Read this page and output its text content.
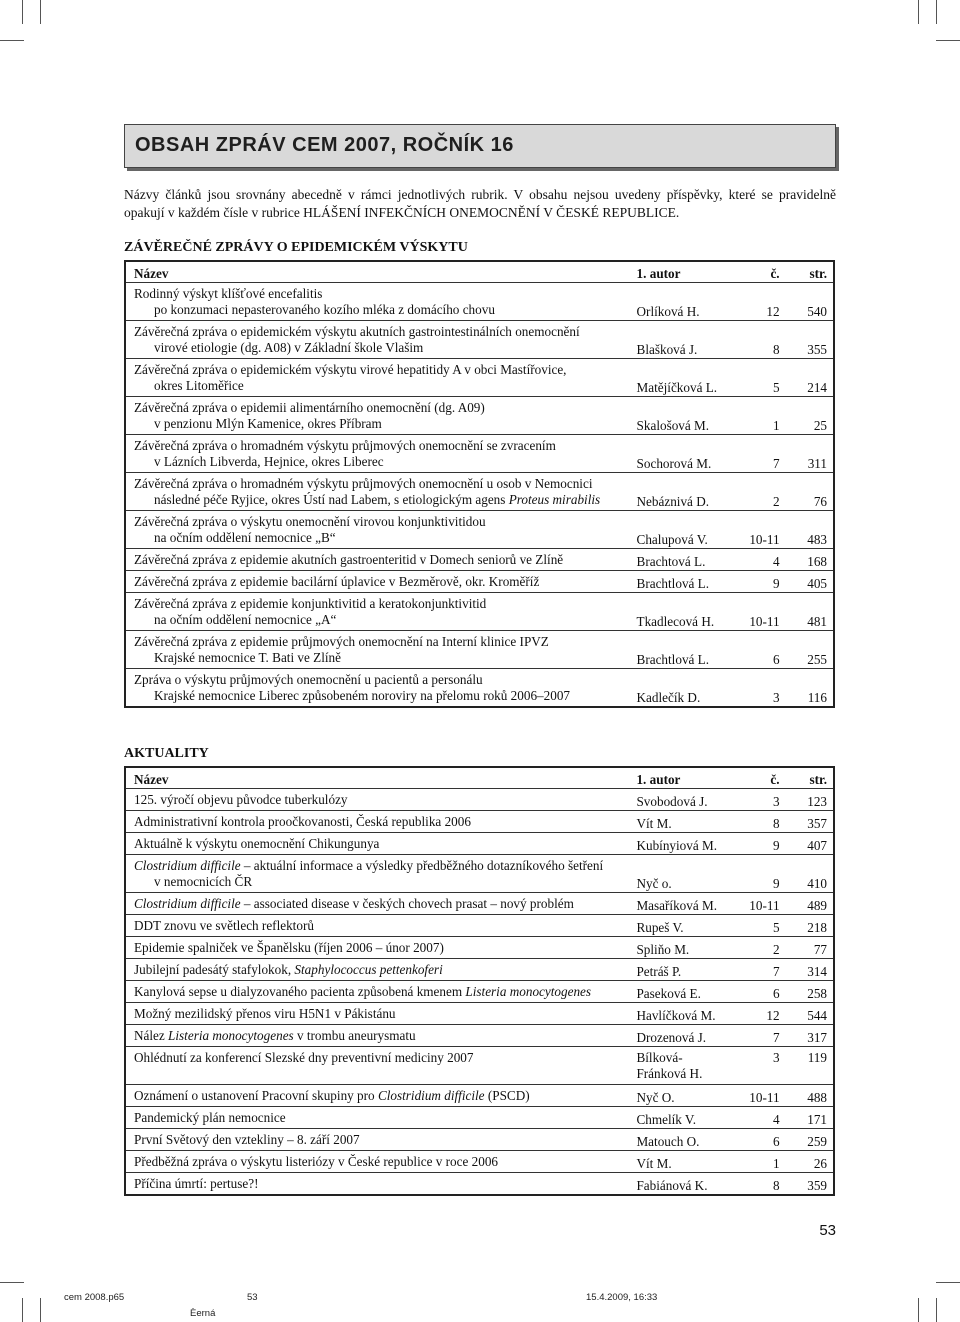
OBSAH ZPRÁV CEM 2007, ROČNÍK 16
Názvy článků jsou srovnány abecedně v rámci jednotlivých rubrik. V obsahu nejsou uvedeny příspěvky, které se pravidelně opakují v každém čísle v rubrice HLÁŠENÍ INFEKČNÍCH ONEMOCNĚNÍ V ČESKÉ REPUBLICE.
ZÁVĚREČNÉ ZPRÁVY O EPIDEMICKÉM VÝSKYTU
Název	1. autor	č.	str.

Rodinný výskyt klíšťové encefalitis
po konzumaci nepasterovaného kozího mléka z domácího chovu	Orlíková H.	12	540

Závěrečná zpráva o epidemickém výskytu akutních gastrointestinálních onemocnění
virové etiologie (dg. A08) v Základní škole Vlašim	Blašková J.	8	355

Závěrečná zpráva o epidemickém výskytu virové hepatitidy A v obci Mastířovice,
okres Litoměřice	Matějíčková L.	5	214

Závěrečná zpráva o epidemii alimentárního onemocnění (dg. A09)
v penzionu Mlýn Kamenice, okres Příbram	Skalošová M.	1	25

Závěrečná zpráva o hromadném výskytu průjmových onemocnění se zvracením
v Lázních Libverda, Hejnice, okres Liberec	Sochorová M.	7	311

Závěrečná zpráva o hromadném výskytu průjmových onemocnění u osob v Nemocnici
následné péče Ryjice, okres Ústí nad Labem, s etiologickým agens Proteus mirabilis	Nebáznivá D.	2	76

Závěrečná zpráva o výskytu onemocnění virovou konjunktivitidou
na očním oddělení nemocnice „B“	Chalupová V.	10-11	483

Závěrečná zpráva z epidemie akutních gastroenteritid v Domech seniorů ve Zlíně	Brachtová L.	4	168

Závěrečná zpráva z epidemie bacilární úplavice v Bezměrově, okr. Kroměříž	Brachtlová L.	9	405

Závěrečná zpráva z epidemie konjunktivitid a keratokonjunktivitid
na očním oddělení nemocnice „A“	Tkadlecová H.	10-11	481

Závěrečná zpráva z epidemie průjmových onemocnění na Interní klinice IPVZ
Krajské nemocnice T. Bati ve Zlíně	Brachtlová L.	6	255

Zpráva o výskytu průjmových onemocnění u pacientů a personálu
Krajské nemocnice Liberec způsobeném noroviry na přelomu roků 2006–2007	Kadlečík D.	3	116
AKTUALITY
Název	1. autor	č.	str.

125. výročí objevu původce tuberkulózy	Svobodová J.	3	123

Administrativní kontrola proočkovanosti, Česká republika 2006	Vít M.	8	357

Aktuálně k výskytu onemocnění Chikungunya	Kubínyiová M.	9	407

Clostridium difficile – aktuální informace a výsledky předběžného dotazníkového šetření
v nemocnicích ČR	Nyč o.	9	410

Clostridium difficile – associated disease v českých chovech prasat – nový problém	Masaříková M.	10-11	489

DDT znovu ve světlech reflektorů	Rupeš V.	5	218

Epidemie spalniček ve Španělsku (říjen 2006 – únor 2007)	Spliňo M.	2	77

Jubilejní padesátý stafylokok, Staphylococcus pettenkoferi	Petráš P.	7	314

Kanylová sepse u dialyzovaného pacienta způsobená kmenem Listeria monocytogenes	Paseková E.	6	258

Možný mezilidský přenos viru H5N1 v Pákistánu	Havlíčková M.	12	544

Nález Listeria monocytogenes v trombu aneurysmatu	Drozenová J.	7	317

Ohlédnutí za konferencí Slezské dny preventivní mediciny 2007	Bílková-
Fránková H.	3	119

Oznámení o ustanovení Pracovní skupiny pro Clostridium difficile (PSCD)	Nyč O.	10-11	488

Pandemický plán nemocnice	Chmelík V.	4	171

První Světový den vztekliny – 8. září 2007	Matouch O.	6	259

Předběžná zpráva o výskytu listeriózy v České republice v roce 2006	Vít M.	1	26

Příčina úmrtí: pertuse?!	Fabiánová K.	8	359
53
cem 2008.p65	53	15.4.2009, 16:33
Èerná
